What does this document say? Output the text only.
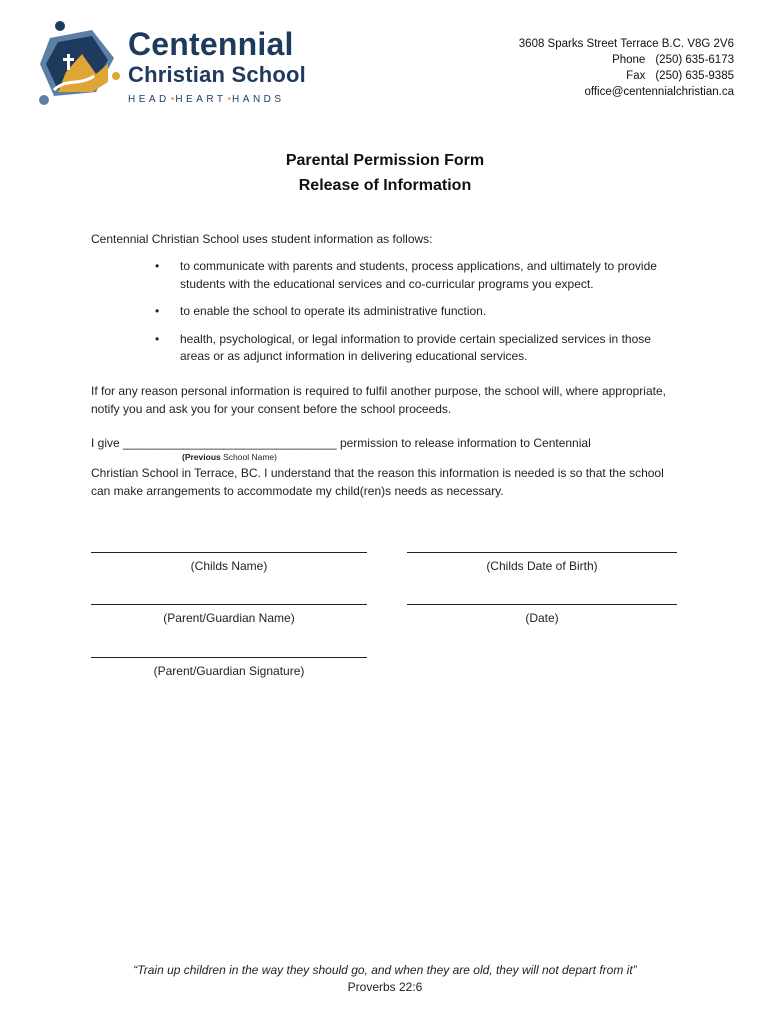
Centennial
Christian School
HEAD•HEART•HANDS
3608 Sparks Street Terrace B.C. V8G 2V6
Phone (250) 635-6173
Fax (250) 635-9385
office@centennialchristian.ca
Parental Permission Form
Release of Information
Centennial Christian School uses student information as follows:
• to communicate with parents and students, process applications, and ultimately to provide students with the educational services and co-curricular programs you expect.
• to enable the school to operate its administrative function.
• health, psychological, or legal information to provide certain specialized services in those areas or as adjunct information in delivering educational services.
If for any reason personal information is required to fulfil another purpose, the school will, where appropriate, notify you and ask you for your consent before the school proceeds.
I give ________________________________ permission to release information to Centennial
(Previous School Name)
Christian School in Terrace, BC. I understand that the reason this information is needed is so that the school can make arrangements to accommodate my child(ren)s needs as necessary.
(Childs Name)	(Childs Date of Birth)
(Parent/Guardian Name)	(Date)
(Parent/Guardian Signature)
“Train up children in the way they should go, and when they are old, they will not depart from it”
Proverbs 22:6
